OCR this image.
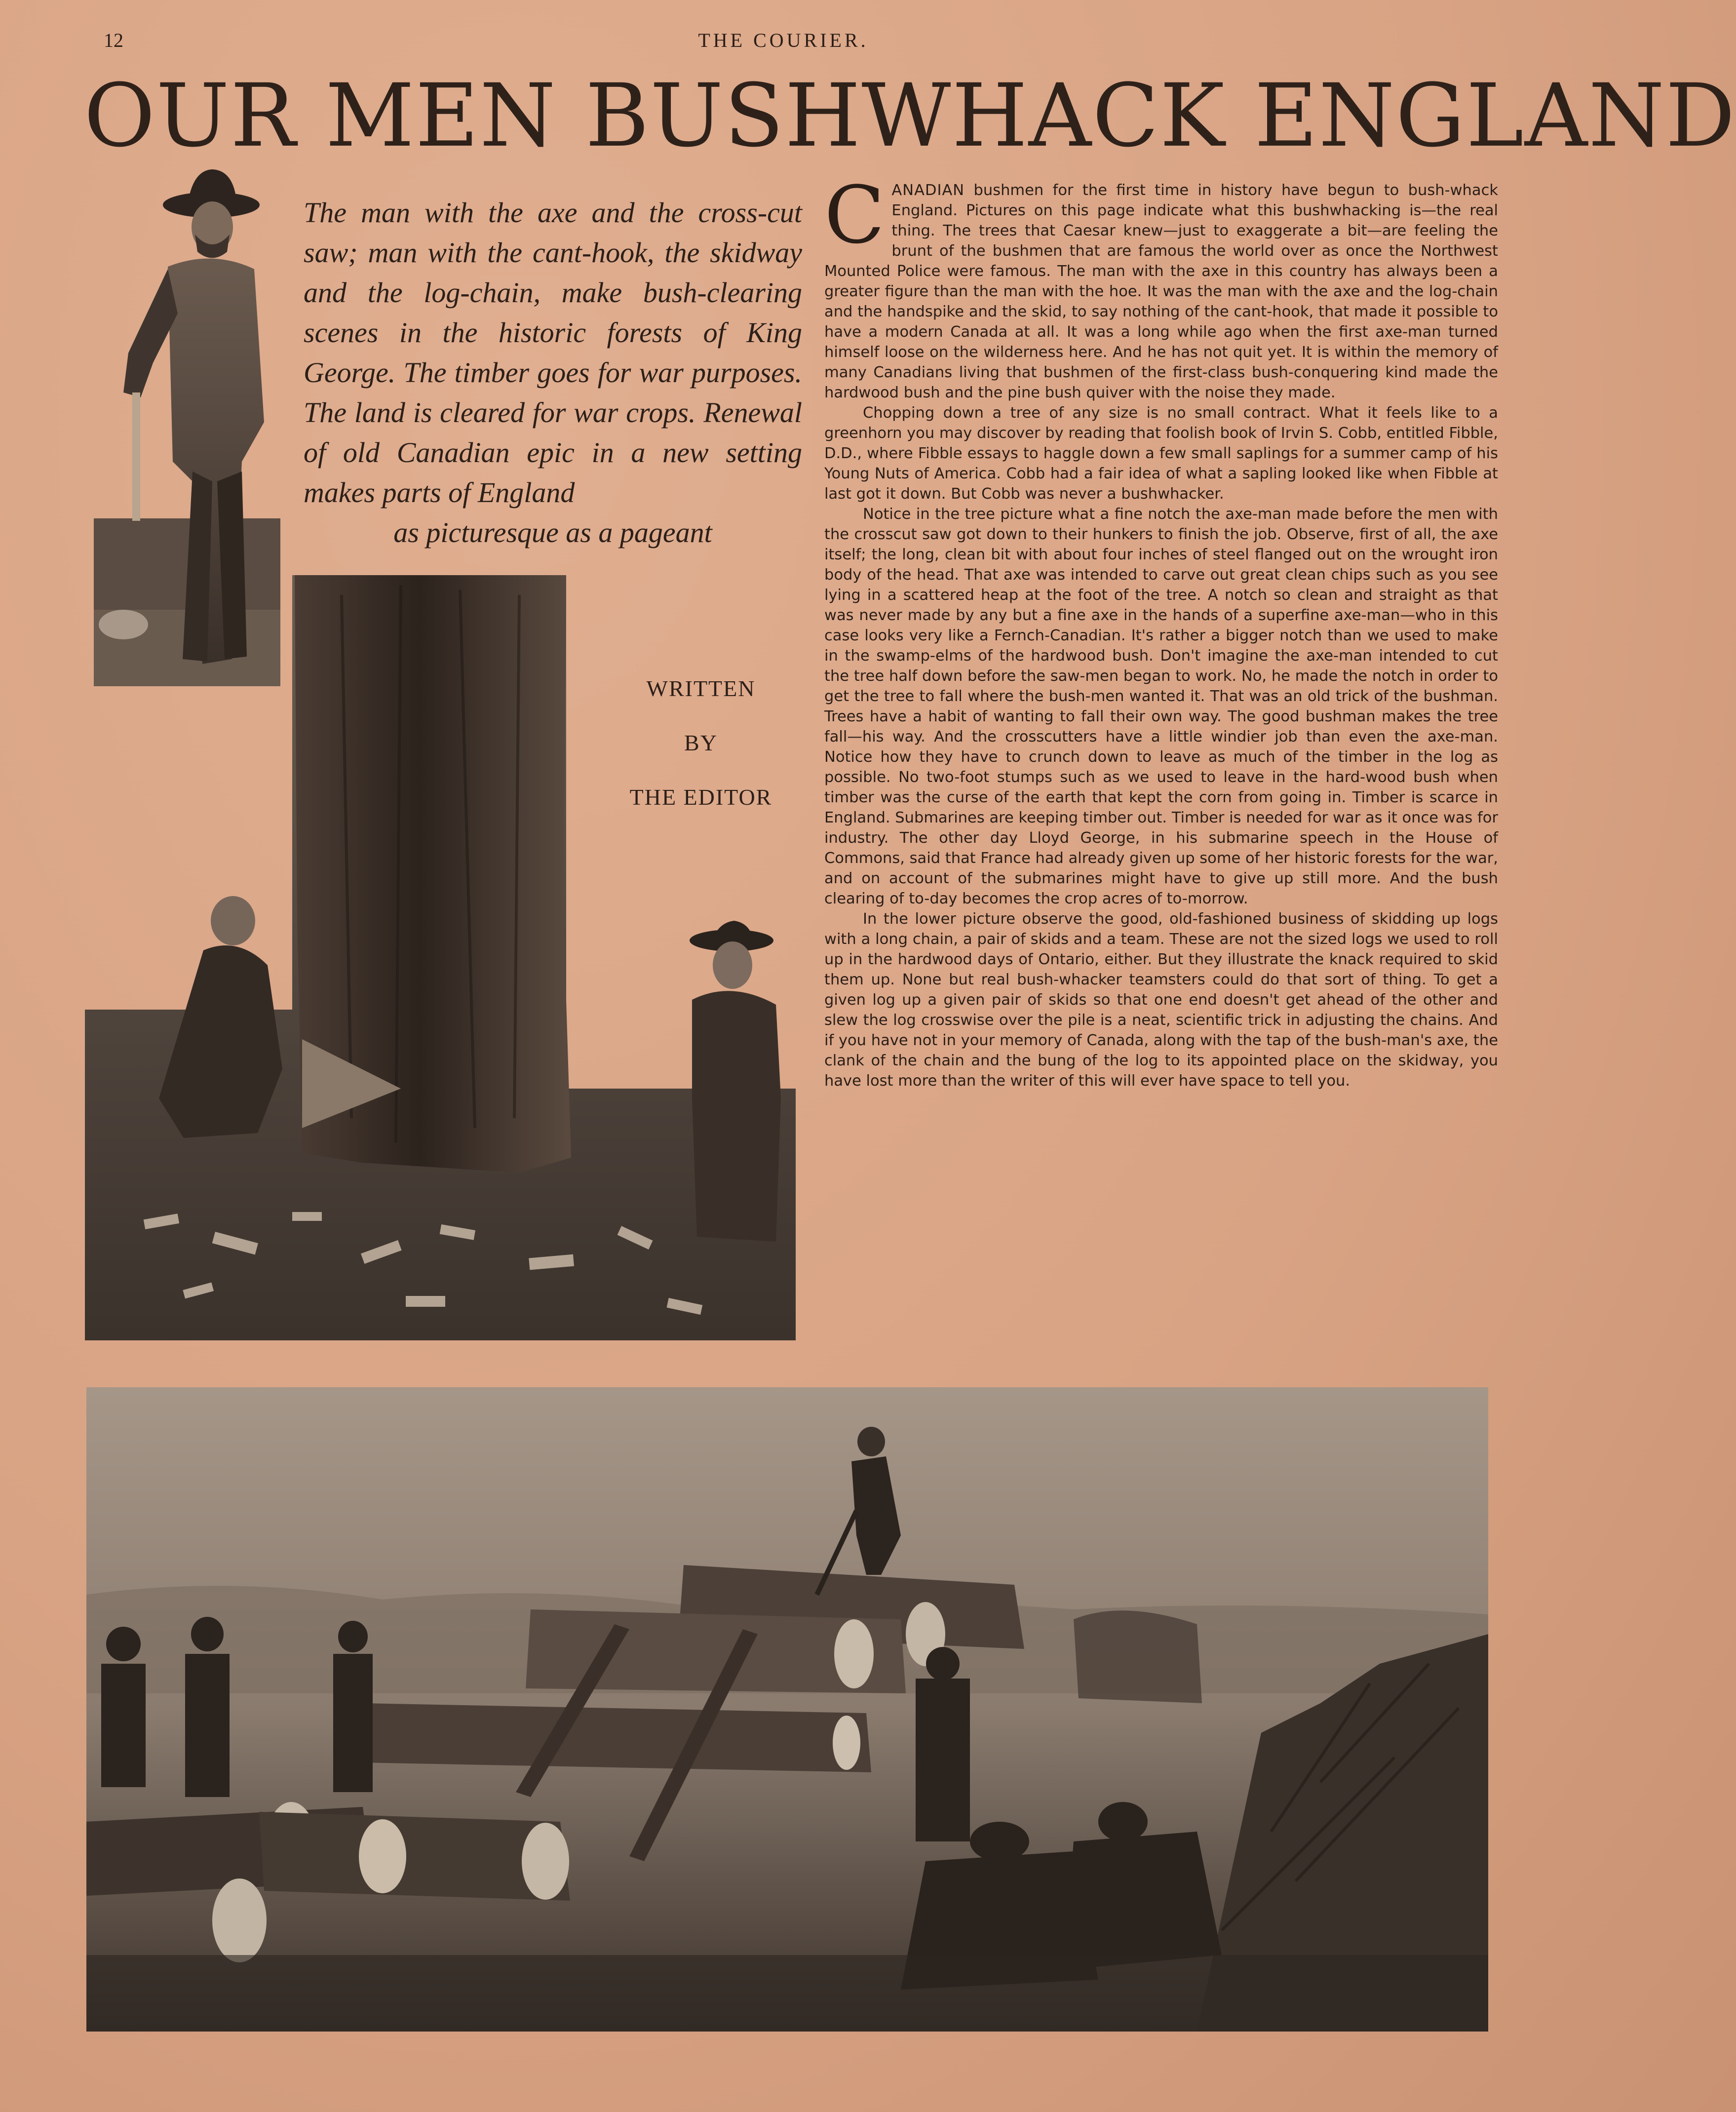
12	THE COURIER.
OUR MEN BUSHWHACK ENGLAND
The man with the axe and the cross-cut saw; man with the cant-hook, the skidway and the log-chain, make bush-clearing scenes in the historic forests of King George. The timber goes for war purposes. The land is cleared for war crops. Renewal of old Canadian epic in a new setting makes parts of England
as picturesque as a pageant
WRITTEN
BY
THE EDITOR

CANADIAN bushmen for the first time in history have begun to bush-whack England. Pictures on this page indicate what this bushwhacking is—the real thing. The trees that Caesar knew—just to exaggerate a bit—are feeling the brunt of the bushmen that are famous the world over as once the Northwest Mounted Police were famous. The man with the axe in this country has always been a greater figure than the man with the hoe. It was the man with the axe and the log-chain and the handspike and the skid, to say nothing of the cant-hook, that made it possible to have a modern Canada at all. It was a long while ago when the first axe-man turned himself loose on the wilderness here. And he has not quit yet. It is within the memory of many Canadians living that bushmen of the first-class bush-conquering kind made the hardwood bush and the pine bush quiver with the noise they made.

Chopping down a tree of any size is no small contract. What it feels like to a greenhorn you may discover by reading that foolish book of Irvin S. Cobb, entitled Fibble, D.D., where Fibble essays to haggle down a few small saplings for a summer camp of his Young Nuts of America. Cobb had a fair idea of what a sapling looked like when Fibble at last got it down. But Cobb was never a bushwhacker.

Notice in the tree picture what a fine notch the axe-man made before the men with the crosscut saw got down to their hunkers to finish the job. Observe, first of all, the axe itself; the long, clean bit with about four inches of steel flanged out on the wrought iron body of the head. That axe was intended to carve out great clean chips such as you see lying in a scattered heap at the foot of the tree. A notch so clean and straight as that was never made by any but a fine axe in the hands of a superfine axe-man—who in this case looks very like a Fernch-Canadian. It's rather a bigger notch than we used to make in the swamp-elms of the hardwood bush. Don't imagine the axe-man intended to cut the tree half down before the saw-men began to work. No, he made the notch in order to get the tree to fall where the bush-men wanted it. That was an old trick of the bushman. Trees have a habit of wanting to fall their own way. The good bushman makes the tree fall—his way. And the crosscutters have a little windier job than even the axe-man. Notice how they have to crunch down to leave as much of the timber in the log as possible. No two-foot stumps such as we used to leave in the hard-wood bush when timber was the curse of the earth that kept the corn from going in. Timber is scarce in England. Submarines are keeping timber out. Timber is needed for war as it once was for industry. The other day Lloyd George, in his submarine speech in the House of Commons, said that France had already given up some of her historic forests for the war, and on account of the submarines might have to give up still more. And the bush clearing of to-day becomes the crop acres of to-morrow.

In the lower picture observe the good, old-fashioned business of skidding up logs with a long chain, a pair of skids and a team. These are not the sized logs we used to roll up in the hardwood days of Ontario, either. But they illustrate the knack required to skid them up. None but real bush-whacker teamsters could do that sort of thing. To get a given log up a given pair of skids so that one end doesn't get ahead of the other and slew the log crosswise over the pile is a neat, scientific trick in adjusting the chains. And if you have not in your memory of Canada, along with the tap of the bush-man's axe, the clank of the chain and the bung of the log to its appointed place on the skidway, you have lost more than the writer of this will ever have space to tell you.
